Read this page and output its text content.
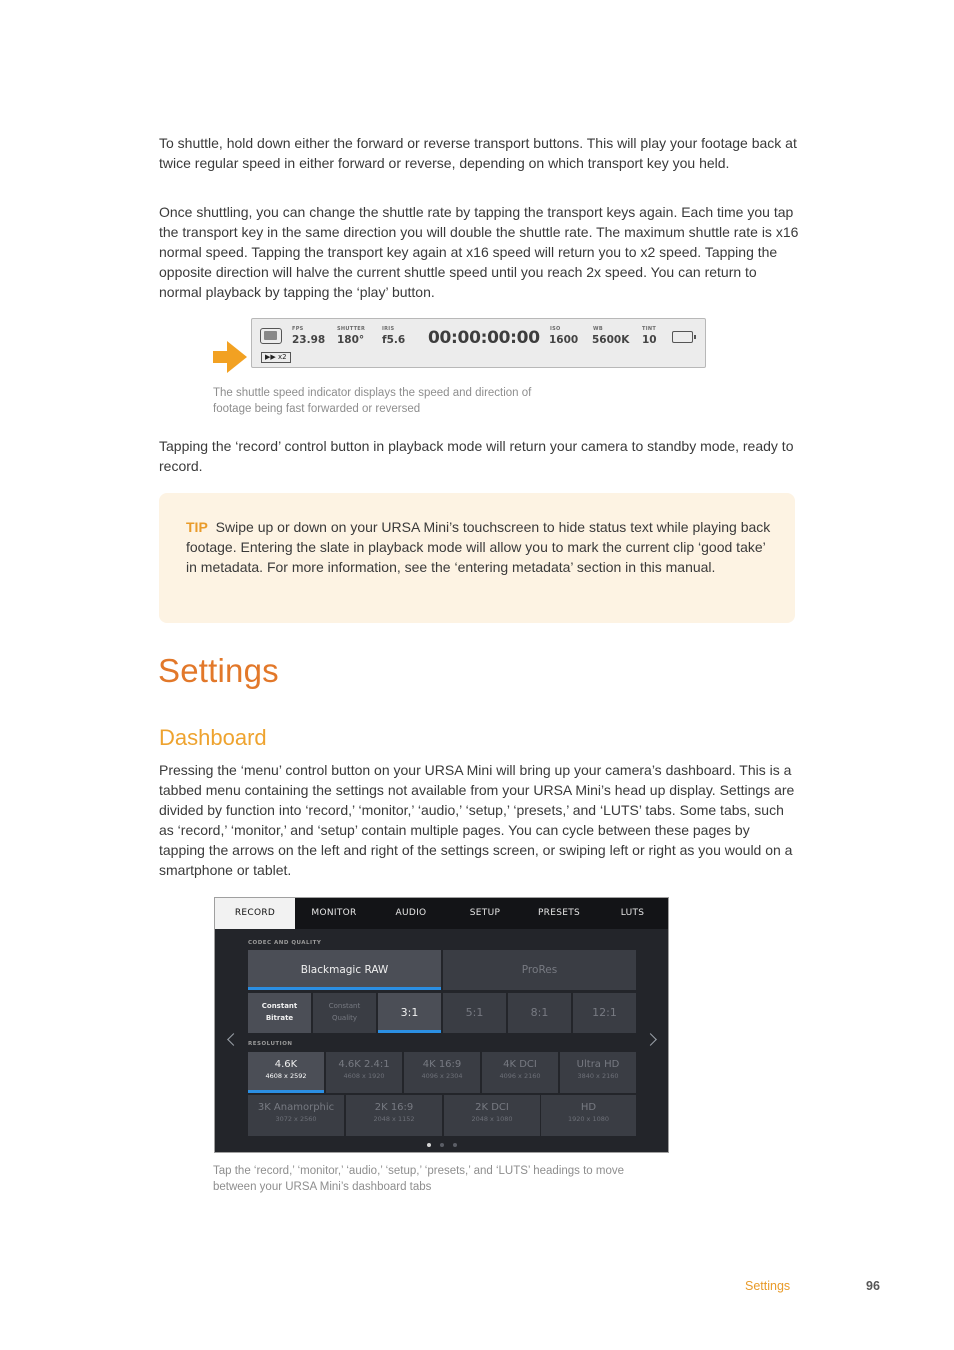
To shuttle, hold down either the forward or reverse transport buttons. This will play your footage back at twice regular speed in either forward or reverse, depending on which transport key you held.

Once shuttling, you can change the shuttle rate by tapping the transport keys again. Each time you tap the transport key in the same direction you will double the shuttle rate. The maximum shuttle rate is x16 normal speed. Tapping the transport key again at x16 speed will return you to x2 speed. Tapping the opposite direction will halve the current shuttle speed until you reach 2x speed. You can return to normal playback by tapping the ‘play’ button.

▶▶ x2
FPS
23.98
SHUTTER
180°
IRIS
f5.6 00:00:00:00 ISO
1600
WB
5600K
TINT
10

The shuttle speed indicator displays the speed and direction of footage being fast forwarded or reversed

Tapping the ‘record’ control button in playback mode will return your camera to standby mode, ready to record.

TIP Swipe up or down on your URSA Mini’s touchscreen to hide status text while playing back footage. Entering the slate in playback mode will allow you to mark the current clip ‘good take’ in metadata. For more information, see the ‘entering metadata’ section in this manual.

Settings
Dashboard

Pressing the ‘menu’ control button on your URSA Mini will bring up your camera’s dashboard. This is a tabbed menu containing the settings not available from your URSA Mini’s head up display. Settings are divided by function into ‘record,’ ‘monitor,’ ‘audio,’ ‘setup,’ ‘presets,’ and ‘LUTS’ tabs. Some tabs, such as ‘record,’ ‘monitor,’ and ‘setup’ contain multiple pages. You can cycle between these pages by tapping the arrows on the left and right of the settings screen, or swiping left or right as you would on a smartphone or tablet.

RECORD	MONITOR	AUDIO	SETUP	PRESETS	LUTS
CODEC AND QUALITY
Blackmagic RAW	ProRes
Constant
Bitrate
Constant
Quality	3:1	5:1	8:1	12:1
RESOLUTION
4.6K
4608 x 2592
4.6K 2.4:1
4608 x 1920
4K 16:9
4096 x 2304
4K DCI
4096 x 2160
Ultra HD
3840 x 2160
3K Anamorphic
3072 x 2560
2K 16:9
2048 x 1152
2K DCI
2048 x 1080
HD
1920 x 1080

Tap the ‘record,’ ‘monitor,’ ‘audio,’ ‘setup,’ ‘presets,’ and ‘LUTS’ headings to move between your URSA Mini’s dashboard tabs

Settings	96
